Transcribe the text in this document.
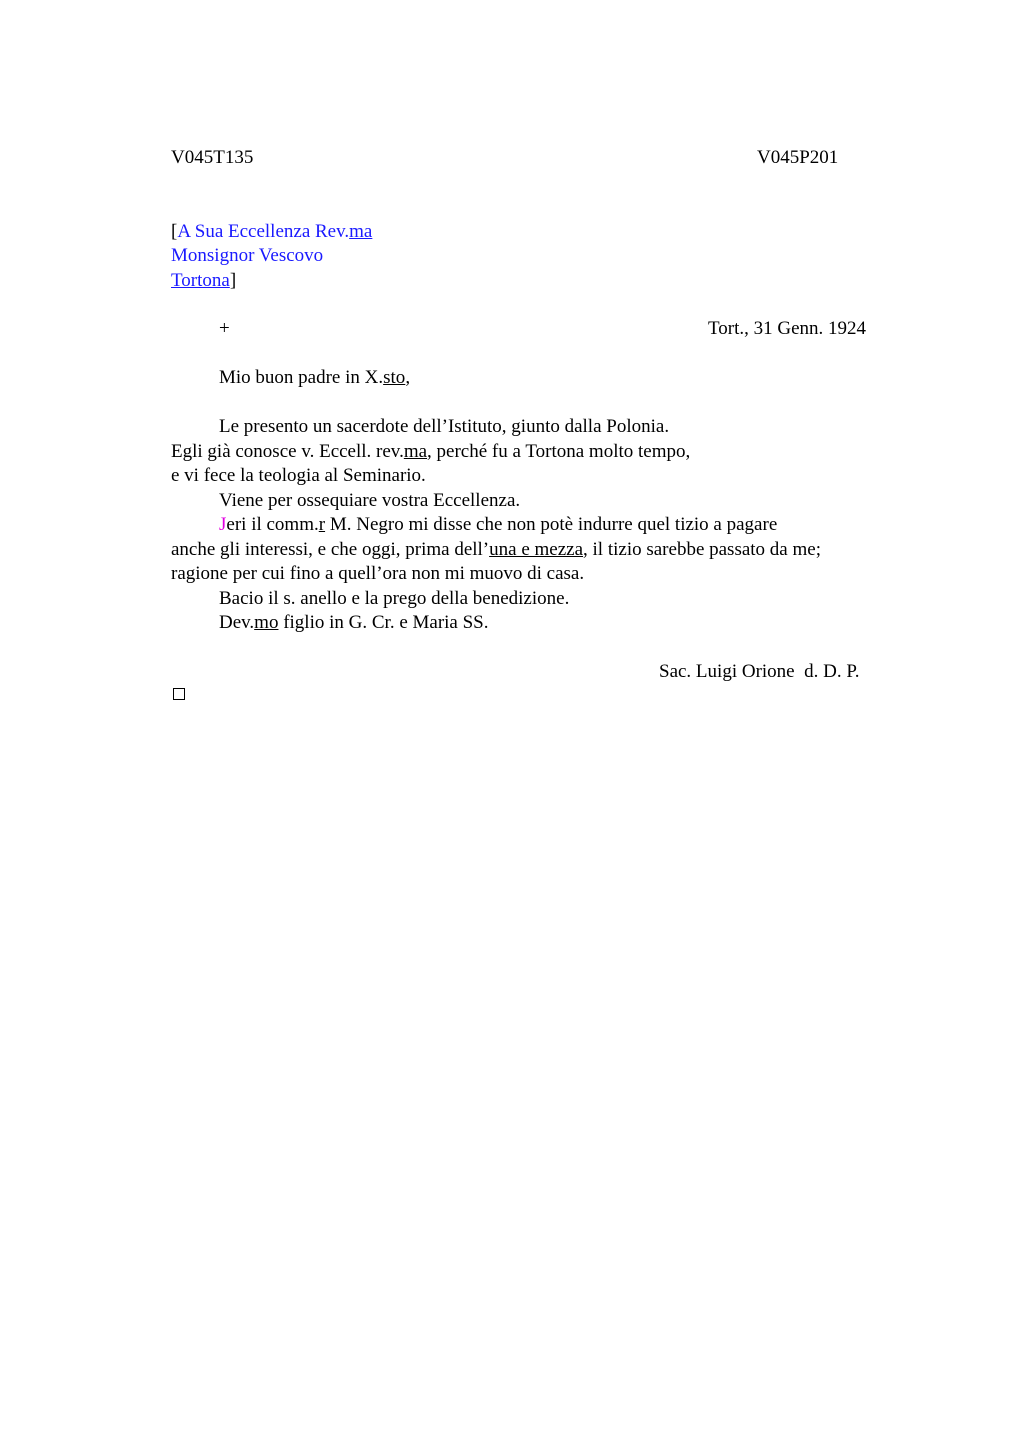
V045T135	V045P201
[A Sua Eccellenza Rev.ma
Monsignor Vescovo
Tortona]
+	Tort., 31 Genn. 1924
Mio buon padre in X.sto,
Le presento un sacerdote dell’Istituto, giunto dalla Polonia.
Egli già conosce v. Eccell. rev.ma, perché fu a Tortona molto tempo,
e vi fece la teologia al Seminario.
Viene per ossequiare vostra Eccellenza.
Jeri il comm.r M. Negro mi disse che non potè indurre quel tizio a pagare
anche gli interessi, e che oggi, prima dell’una e mezza, il tizio sarebbe passato da me;
ragione per cui fino a quell’ora non mi muovo di casa.
Bacio il s. anello e la prego della benedizione.
Dev.mo figlio in G. Cr. e Maria SS.
Sac. Luigi Orione  d. D. P.
